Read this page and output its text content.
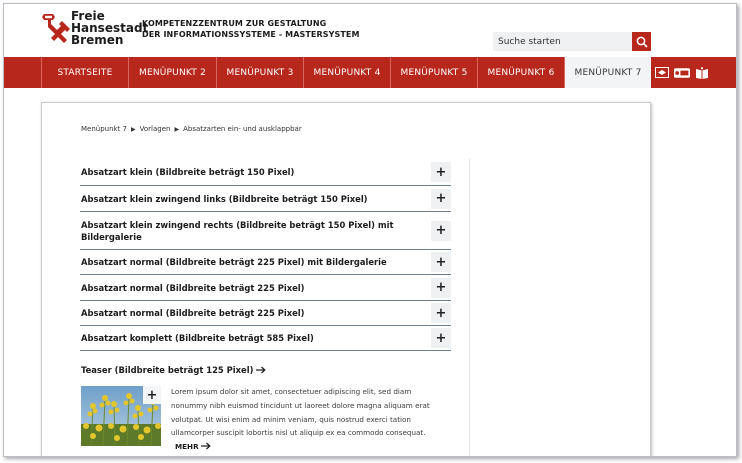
Freie
Hansestadt
Bremen
KOMPETENZZENTRUM ZUR GESTALTUNG
DER INFORMATIONSSYSTEME - MASTERSYSTEM
Suche starten
STARTSEITE	MENÜPUNKT 2 MENÜPUNKT 3 MENÜPUNKT 4 MENÜPUNKT 5 MENÜPUNKT 6 MENÜPUNKT 7
Menüpunkt 7 ▶ Vorlagen ▶ Absatzarten ein- und ausklappbar
Absatzart klein (Bildbreite beträgt 150 Pixel)	+
Absatzart klein zwingend links (Bildbreite beträgt 150 Pixel)	+
Absatzart klein zwingend rechts (Bildbreite beträgt 150 Pixel) mit Bildergalerie	+
Absatzart normal (Bildbreite beträgt 225 Pixel) mit Bildergalerie	+
Absatzart normal (Bildbreite beträgt 225 Pixel)	+
Absatzart normal (Bildbreite beträgt 225 Pixel)	+
Absatzart komplett (Bildbreite beträgt 585 Pixel)	+
Teaser (Bildbreite beträgt 125 Pixel)
+	Lorem ipsum dolor sit amet, consectetuer adipiscing elit, sed diam nonummy nibh euismod tincidunt ut laoreet dolore magna aliquam erat volutpat. Ut wisi enim ad minim veniam, quis nostrud exerci tation ullamcorper suscipit lobortis nisl ut aliquip ex ea commodo consequat. MEHR
